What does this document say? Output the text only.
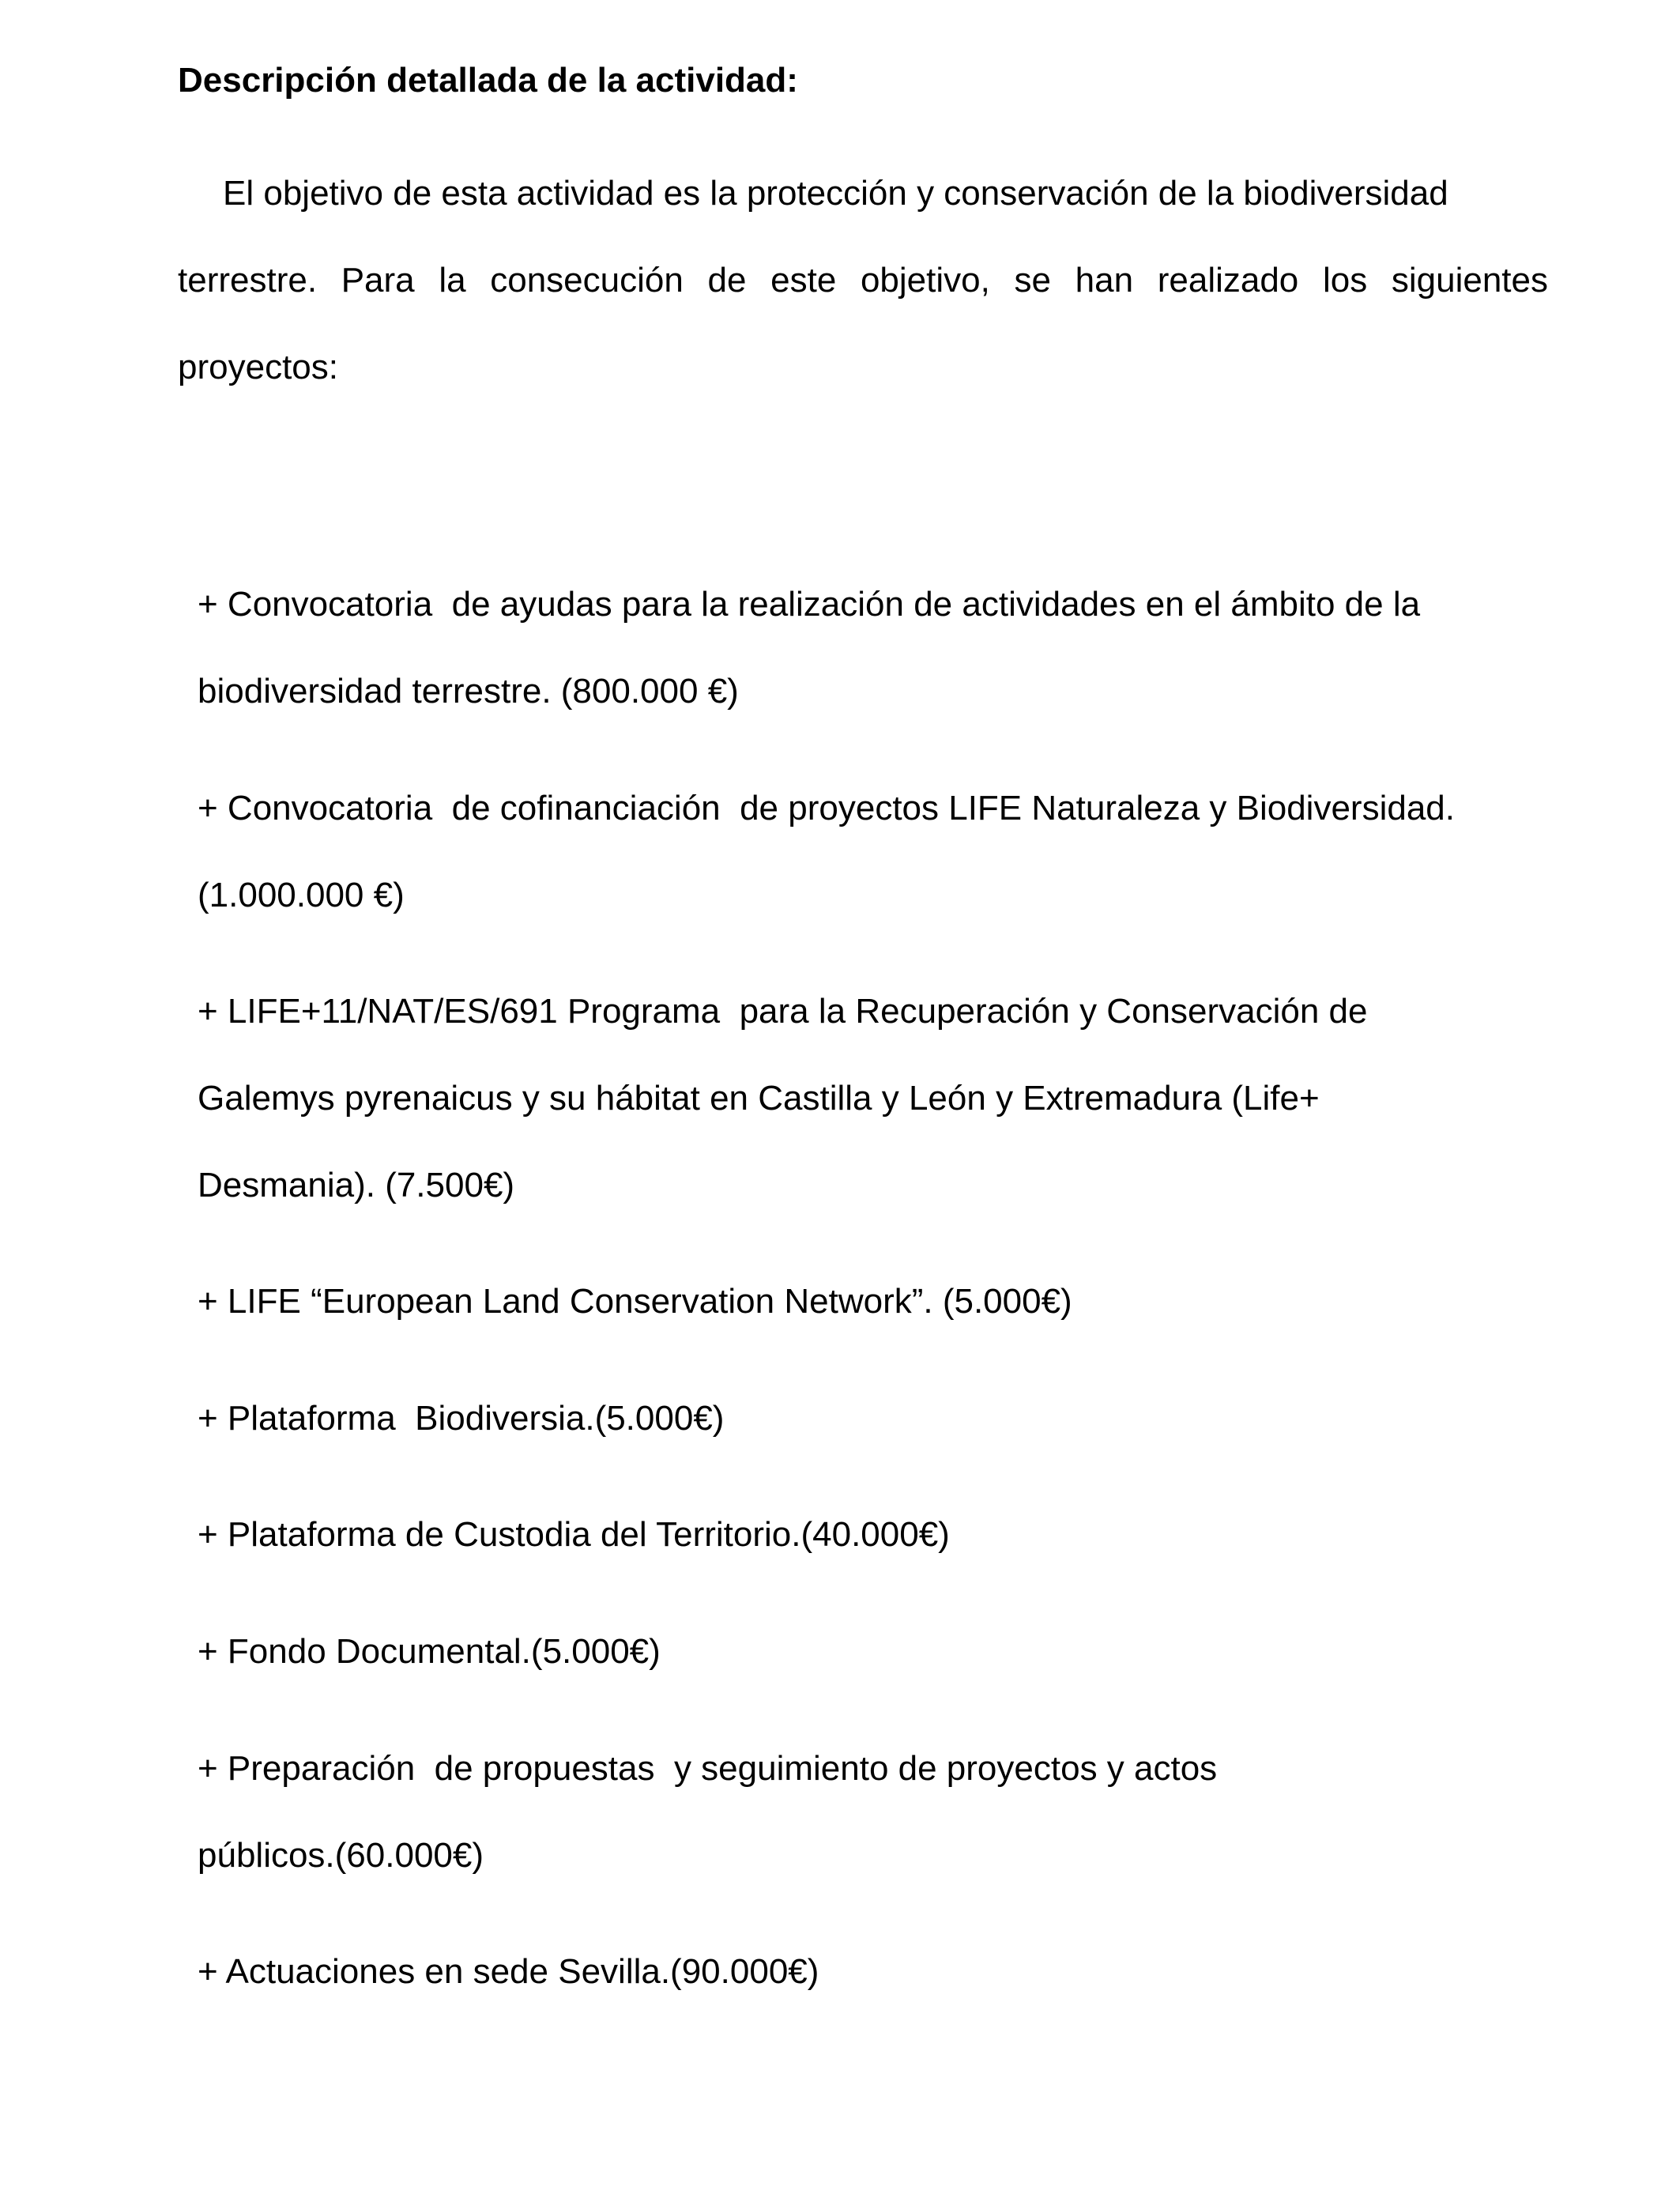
Descripción detallada de la actividad:
El objetivo de esta actividad es la protección y conservación de la biodiversidad
terrestre. Para la consecución de este objetivo, se han realizado los siguientes
proyectos:
+ Convocatoria  de ayudas para la realización de actividades en el ámbito de la
biodiversidad terrestre. (800.000 €)
+ Convocatoria  de cofinanciación  de proyectos LIFE Naturaleza y Biodiversidad.
(1.000.000 €)
+ LIFE+11/NAT/ES/691 Programa  para la Recuperación y Conservación de
Galemys pyrenaicus y su hábitat en Castilla y León y Extremadura (Life+
Desmania). (7.500€)
+ LIFE “European Land Conservation Network”. (5.000€)
+ Plataforma  Biodiversia.(5.000€)
+ Plataforma de Custodia del Territorio.(40.000€)
+ Fondo Documental.(5.000€)
+ Preparación  de propuestas  y seguimiento de proyectos y actos
públicos.(60.000€)
+ Actuaciones en sede Sevilla.(90.000€)
